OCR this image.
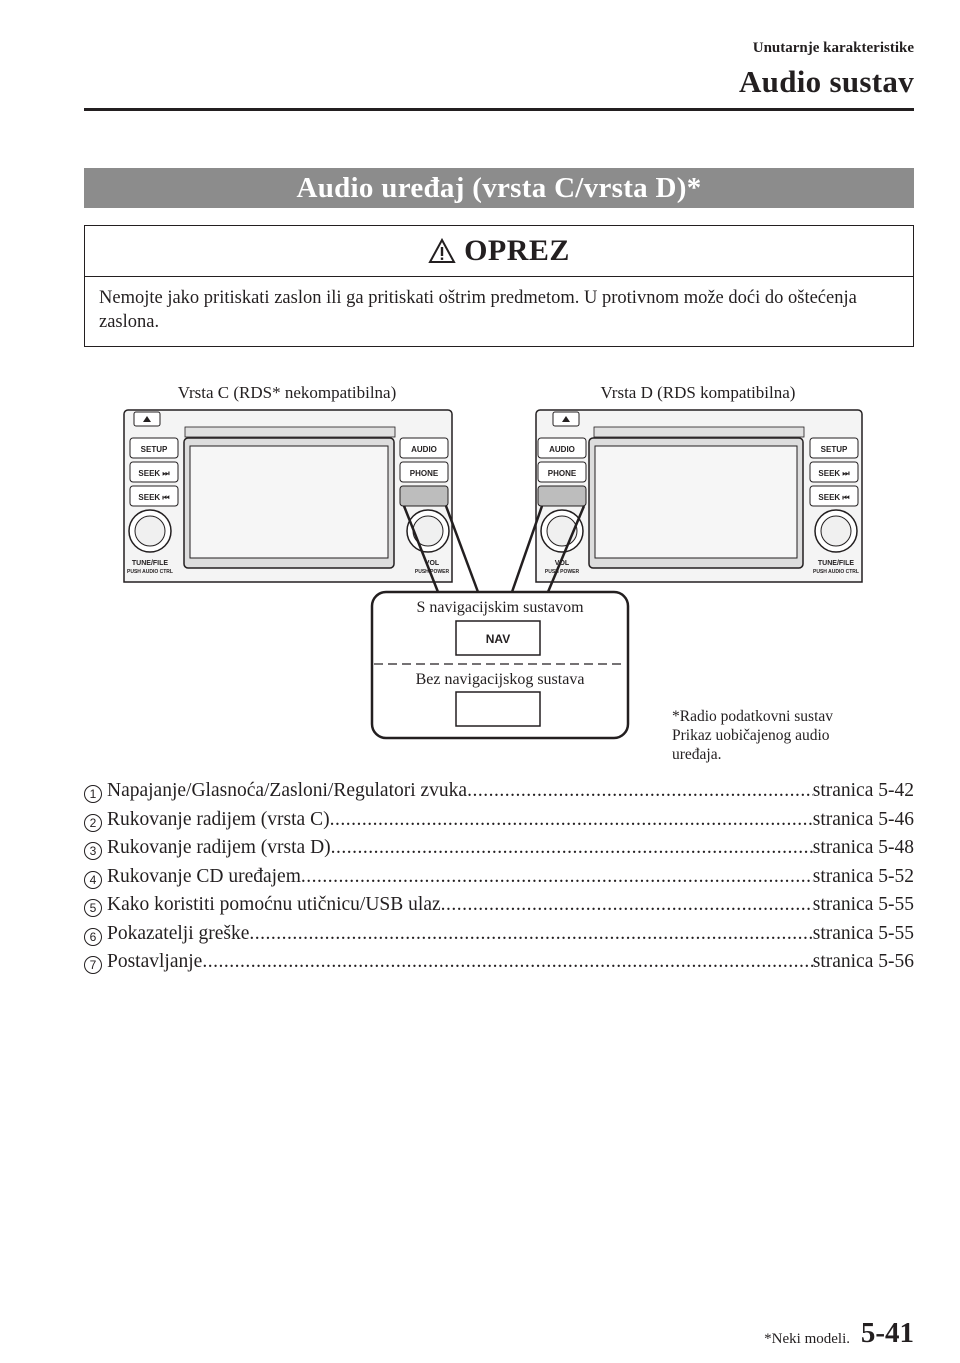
Unutarnje karakteristike
Audio sustav
Audio uređaj (vrsta C/vrsta D)*
OPREZ
Nemojte jako pritiskati zaslon ili ga pritiskati oštrim predmetom. U protivnom može doći do oštećenja zaslona.
Vrsta C (RDS* nekompatibilna)	Vrsta D (RDS kompatibilna)
SETUP
SEEK ⏭
SEEK ⏮
TUNE/FILE
PUSH AUDIO CTRL
AUDIO
PHONE
VOL
PUSH POWER
AUDIO
PHONE
VOL
PUSH POWER
SETUP
SEEK ⏭
SEEK ⏮
TUNE/FILE
PUSH AUDIO CTRL
S navigacijskim sustavom
NAV
Bez navigacijskog sustava
*Radio podatkovni sustav
Prikaz uobičajenog audio
uređaja.
1 Napajanje/Glasnoća/Zasloni/Regulatori zvuka .....	stranica 5-42
2 Rukovanje radijem (vrsta C) .....	stranica 5-46
3 Rukovanje radijem (vrsta D) .....	stranica 5-48
4 Rukovanje CD uređajem .....	stranica 5-52
5 Kako koristiti pomoćnu utičnicu/USB ulaz .....	stranica 5-55
6 Pokazatelji greške .....	stranica 5-55
7 Postavljanje .....	stranica 5-56
*Neki modeli. 5-41
